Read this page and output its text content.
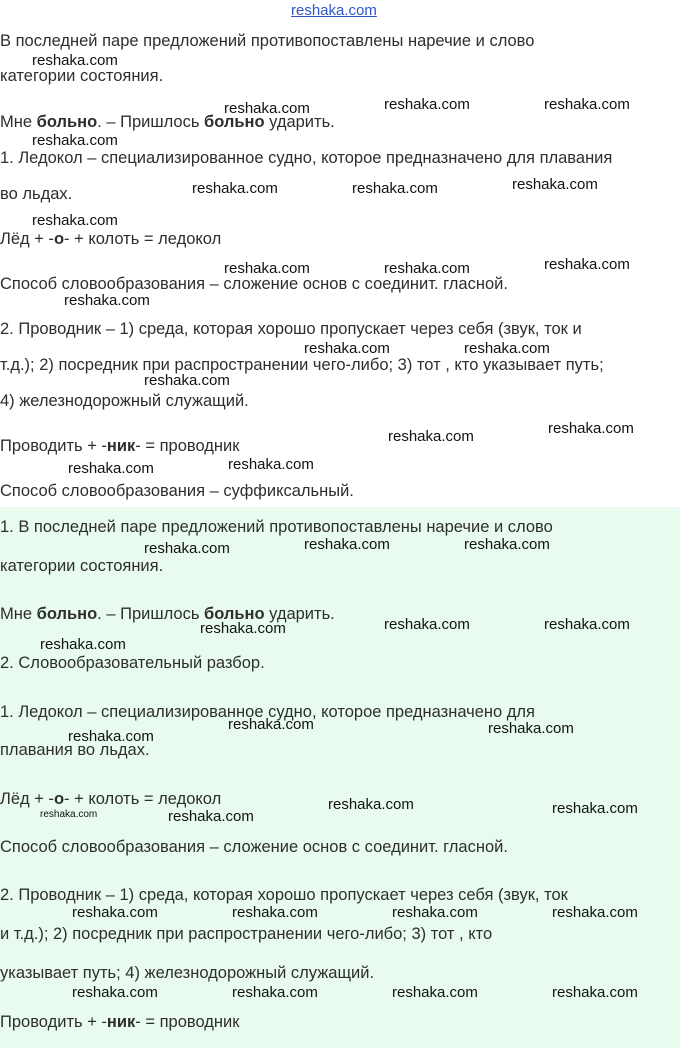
reshaka.com
В последней паре предложений противопоставлены наречие и слово
категории состояния.
Мне больно. – Пришлось больно ударить.
1. Ледокол – специализированное судно, которое предназначено для плавания
во льдах.
Лёд + -о- + колоть = ледокол
Способ словообразования – сложение основ с соединит. гласной.
2. Проводник – 1) среда, которая хорошо пропускает через себя (звук, ток и
т.д.); 2) посредник при распространении чего-либо; 3) тот , кто указывает путь;
4) железнодорожный служащий.
Проводить + -ник- = проводник
Способ словообразования – суффиксальный.
1. В последней паре предложений противопоставлены наречие и слово
категории состояния.
Мне больно. – Пришлось больно ударить.
2. Словообразовательный разбор.
1. Ледокол – специализированное судно, которое предназначено для
плавания во льдах.
Лёд + -о- + колоть = ледокол
Способ словообразования – сложение основ с соединит. гласной.
2. Проводник – 1) среда, которая хорошо пропускает через себя (звук, ток
и т.д.); 2) посредник при распространении чего-либо; 3) тот , кто
указывает путь; 4) железнодорожный служащий.
Проводить + -ник- = проводник
reshaka.com
reshaka.com	reshaka.com	reshaka.com
reshaka.com
reshaka.com	reshaka.com	reshaka.com
reshaka.com
reshaka.com	reshaka.com	reshaka.com
reshaka.com
reshaka.com	reshaka.com
reshaka.com
reshaka.com	reshaka.com
reshaka.com	reshaka.com
reshaka.com	reshaka.com	reshaka.com
reshaka.com	reshaka.com	reshaka.com
reshaka.com
reshaka.com	reshaka.com
reshaka.com
reshaka.com	reshaka.com
reshaka.com	reshaka.com
reshaka.com	reshaka.com	reshaka.com	reshaka.com
reshaka.com	reshaka.com	reshaka.com	reshaka.com
